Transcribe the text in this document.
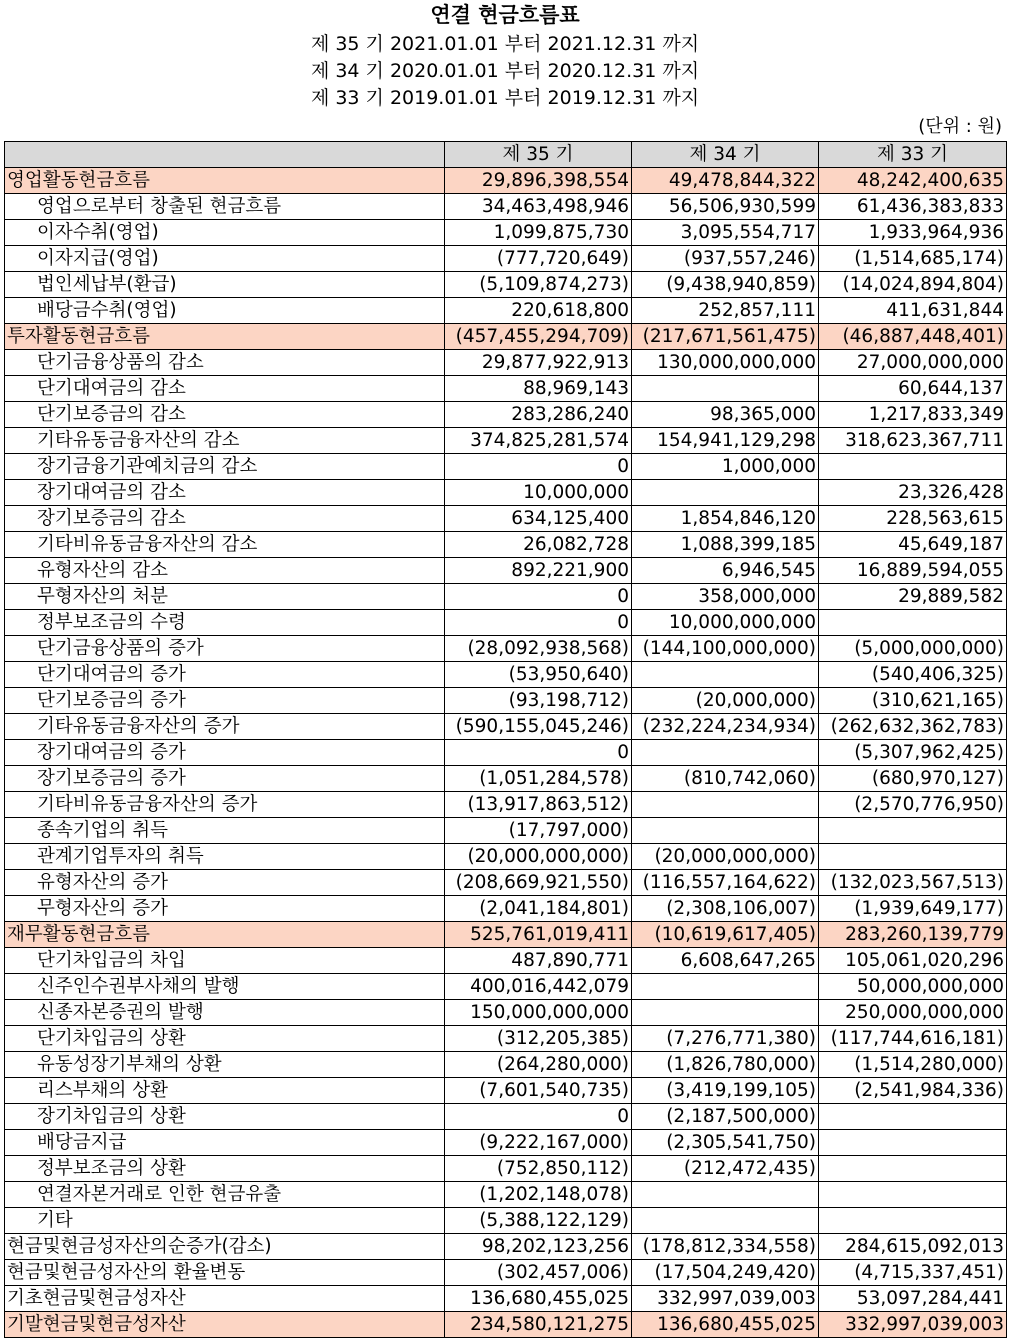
연결 현금흐름표
제 35 기 2021.01.01 부터 2021.12.31 까지
제 34 기 2020.01.01 부터 2020.12.31 까지
제 33 기 2019.01.01 부터 2019.12.31 까지
(단위 : 원)
	제 35 기	제 34 기	제 33 기
영업활동현금흐름	29,896,398,554	49,478,844,322	48,242,400,635
영업으로부터 창출된 현금흐름	34,463,498,946	56,506,930,599	61,436,383,833
이자수취(영업)	1,099,875,730	3,095,554,717	1,933,964,936
이자지급(영업)	(777,720,649)	(937,557,246)	(1,514,685,174)
법인세납부(환급)	(5,109,874,273)	(9,438,940,859)	(14,024,894,804)
배당금수취(영업)	220,618,800	252,857,111	411,631,844
투자활동현금흐름	(457,455,294,709)	(217,671,561,475)	(46,887,448,401)
단기금융상품의 감소	29,877,922,913	130,000,000,000	27,000,000,000
단기대여금의 감소	88,969,143		60,644,137
단기보증금의 감소	283,286,240	98,365,000	1,217,833,349
기타유동금융자산의 감소	374,825,281,574	154,941,129,298	318,623,367,711
장기금융기관예치금의 감소	0	1,000,000	
장기대여금의 감소	10,000,000		23,326,428
장기보증금의 감소	634,125,400	1,854,846,120	228,563,615
기타비유동금융자산의 감소	26,082,728	1,088,399,185	45,649,187
유형자산의 감소	892,221,900	6,946,545	16,889,594,055
무형자산의 처분	0	358,000,000	29,889,582
정부보조금의 수령	0	10,000,000,000	
단기금융상품의 증가	(28,092,938,568)	(144,100,000,000)	(5,000,000,000)
단기대여금의 증가	(53,950,640)		(540,406,325)
단기보증금의 증가	(93,198,712)	(20,000,000)	(310,621,165)
기타유동금융자산의 증가	(590,155,045,246)	(232,224,234,934)	(262,632,362,783)
장기대여금의 증가	0		(5,307,962,425)
장기보증금의 증가	(1,051,284,578)	(810,742,060)	(680,970,127)
기타비유동금융자산의 증가	(13,917,863,512)		(2,570,776,950)
종속기업의 취득	(17,797,000)		
관계기업투자의 취득	(20,000,000,000)	(20,000,000,000)	
유형자산의 증가	(208,669,921,550)	(116,557,164,622)	(132,023,567,513)
무형자산의 증가	(2,041,184,801)	(2,308,106,007)	(1,939,649,177)
재무활동현금흐름	525,761,019,411	(10,619,617,405)	283,260,139,779
단기차입금의 차입	487,890,771	6,608,647,265	105,061,020,296
신주인수권부사채의 발행	400,016,442,079		50,000,000,000
신종자본증권의 발행	150,000,000,000		250,000,000,000
단기차입금의 상환	(312,205,385)	(7,276,771,380)	(117,744,616,181)
유동성장기부채의 상환	(264,280,000)	(1,826,780,000)	(1,514,280,000)
리스부채의 상환	(7,601,540,735)	(3,419,199,105)	(2,541,984,336)
장기차입금의 상환	0	(2,187,500,000)	
배당금지급	(9,222,167,000)	(2,305,541,750)	
정부보조금의 상환	(752,850,112)	(212,472,435)	
연결자본거래로 인한 현금유출	(1,202,148,078)		
기타	(5,388,122,129)		
현금및현금성자산의순증가(감소)	98,202,123,256	(178,812,334,558)	284,615,092,013
현금및현금성자산의 환율변동	(302,457,006)	(17,504,249,420)	(4,715,337,451)
기초현금및현금성자산	136,680,455,025	332,997,039,003	53,097,284,441
기말현금및현금성자산	234,580,121,275	136,680,455,025	332,997,039,003
